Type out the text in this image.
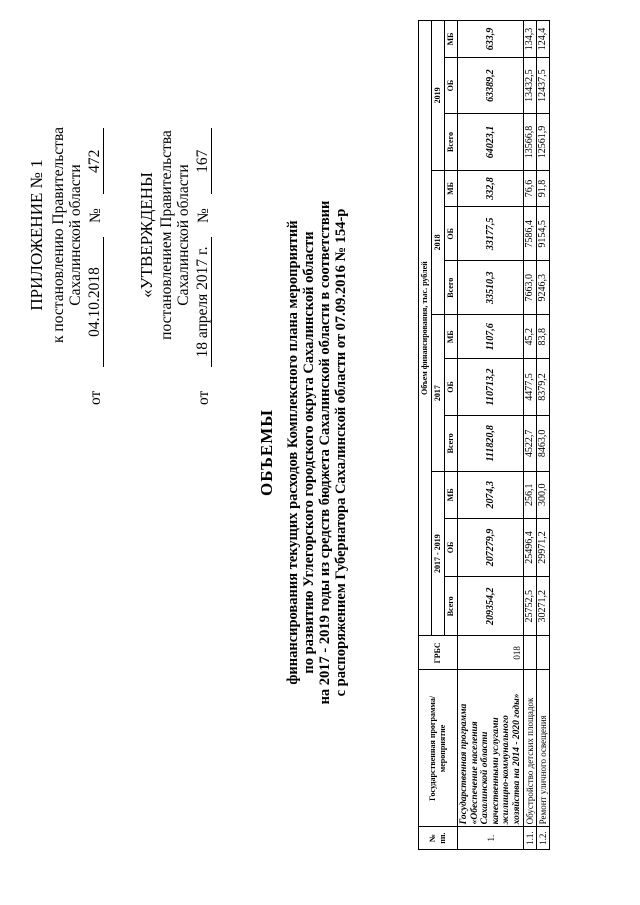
ПРИЛОЖЕНИЕ № 1 к постановлению Правительства Сахалинской области
от
04.10.2018
№
472
«УТВЕРЖДЕНЫ постановлением Правительства Сахалинской области
от
18 апреля 2017 г.
№
167
ОБЪЕМЫ финансирования текущих расходов Комплексного плана мероприятий по развитию Углегорского городского округа Сахалинской области на 2017 - 2019 годы из средств бюджета Сахалинской области в соответствии с распоряжением Губернатора Сахалинской области от 07.09.2016 № 154-р
№ пп.	Государственная программа/мероприятие	ГРБС	Объем финансирования, тыс. рублей											
			2017 - 2019			2017			2018			2019		
			Всего	ОБ	МБ	Всего	ОБ	МБ	Всего	ОБ	МБ	Всего	ОБ	МБ
1.	Государственная программа «Обеспечение населения Сахалинской области качественными услугами жилищно-коммунального хозяйства на 2014 - 2020 годы»	018	209354,2	207279,9	2074,3	111820,8	110713,2	1107,6	33510,3	33177,5	332,8	64023,1	63389,2	633,9
1.1.	Обустройство детских площадок		25752,5	25496,4	256,1	4522,7	4477,5	45,2	7663,0	7586,4	76,6	13566,8	13432,5	134,3
1.2.	Ремонт уличного освещения		30271,2	29971,2	300,0	8463,0	8379,2	83,8	9246,3	9154,5	91,8	12561,9	12437,5	124,4
